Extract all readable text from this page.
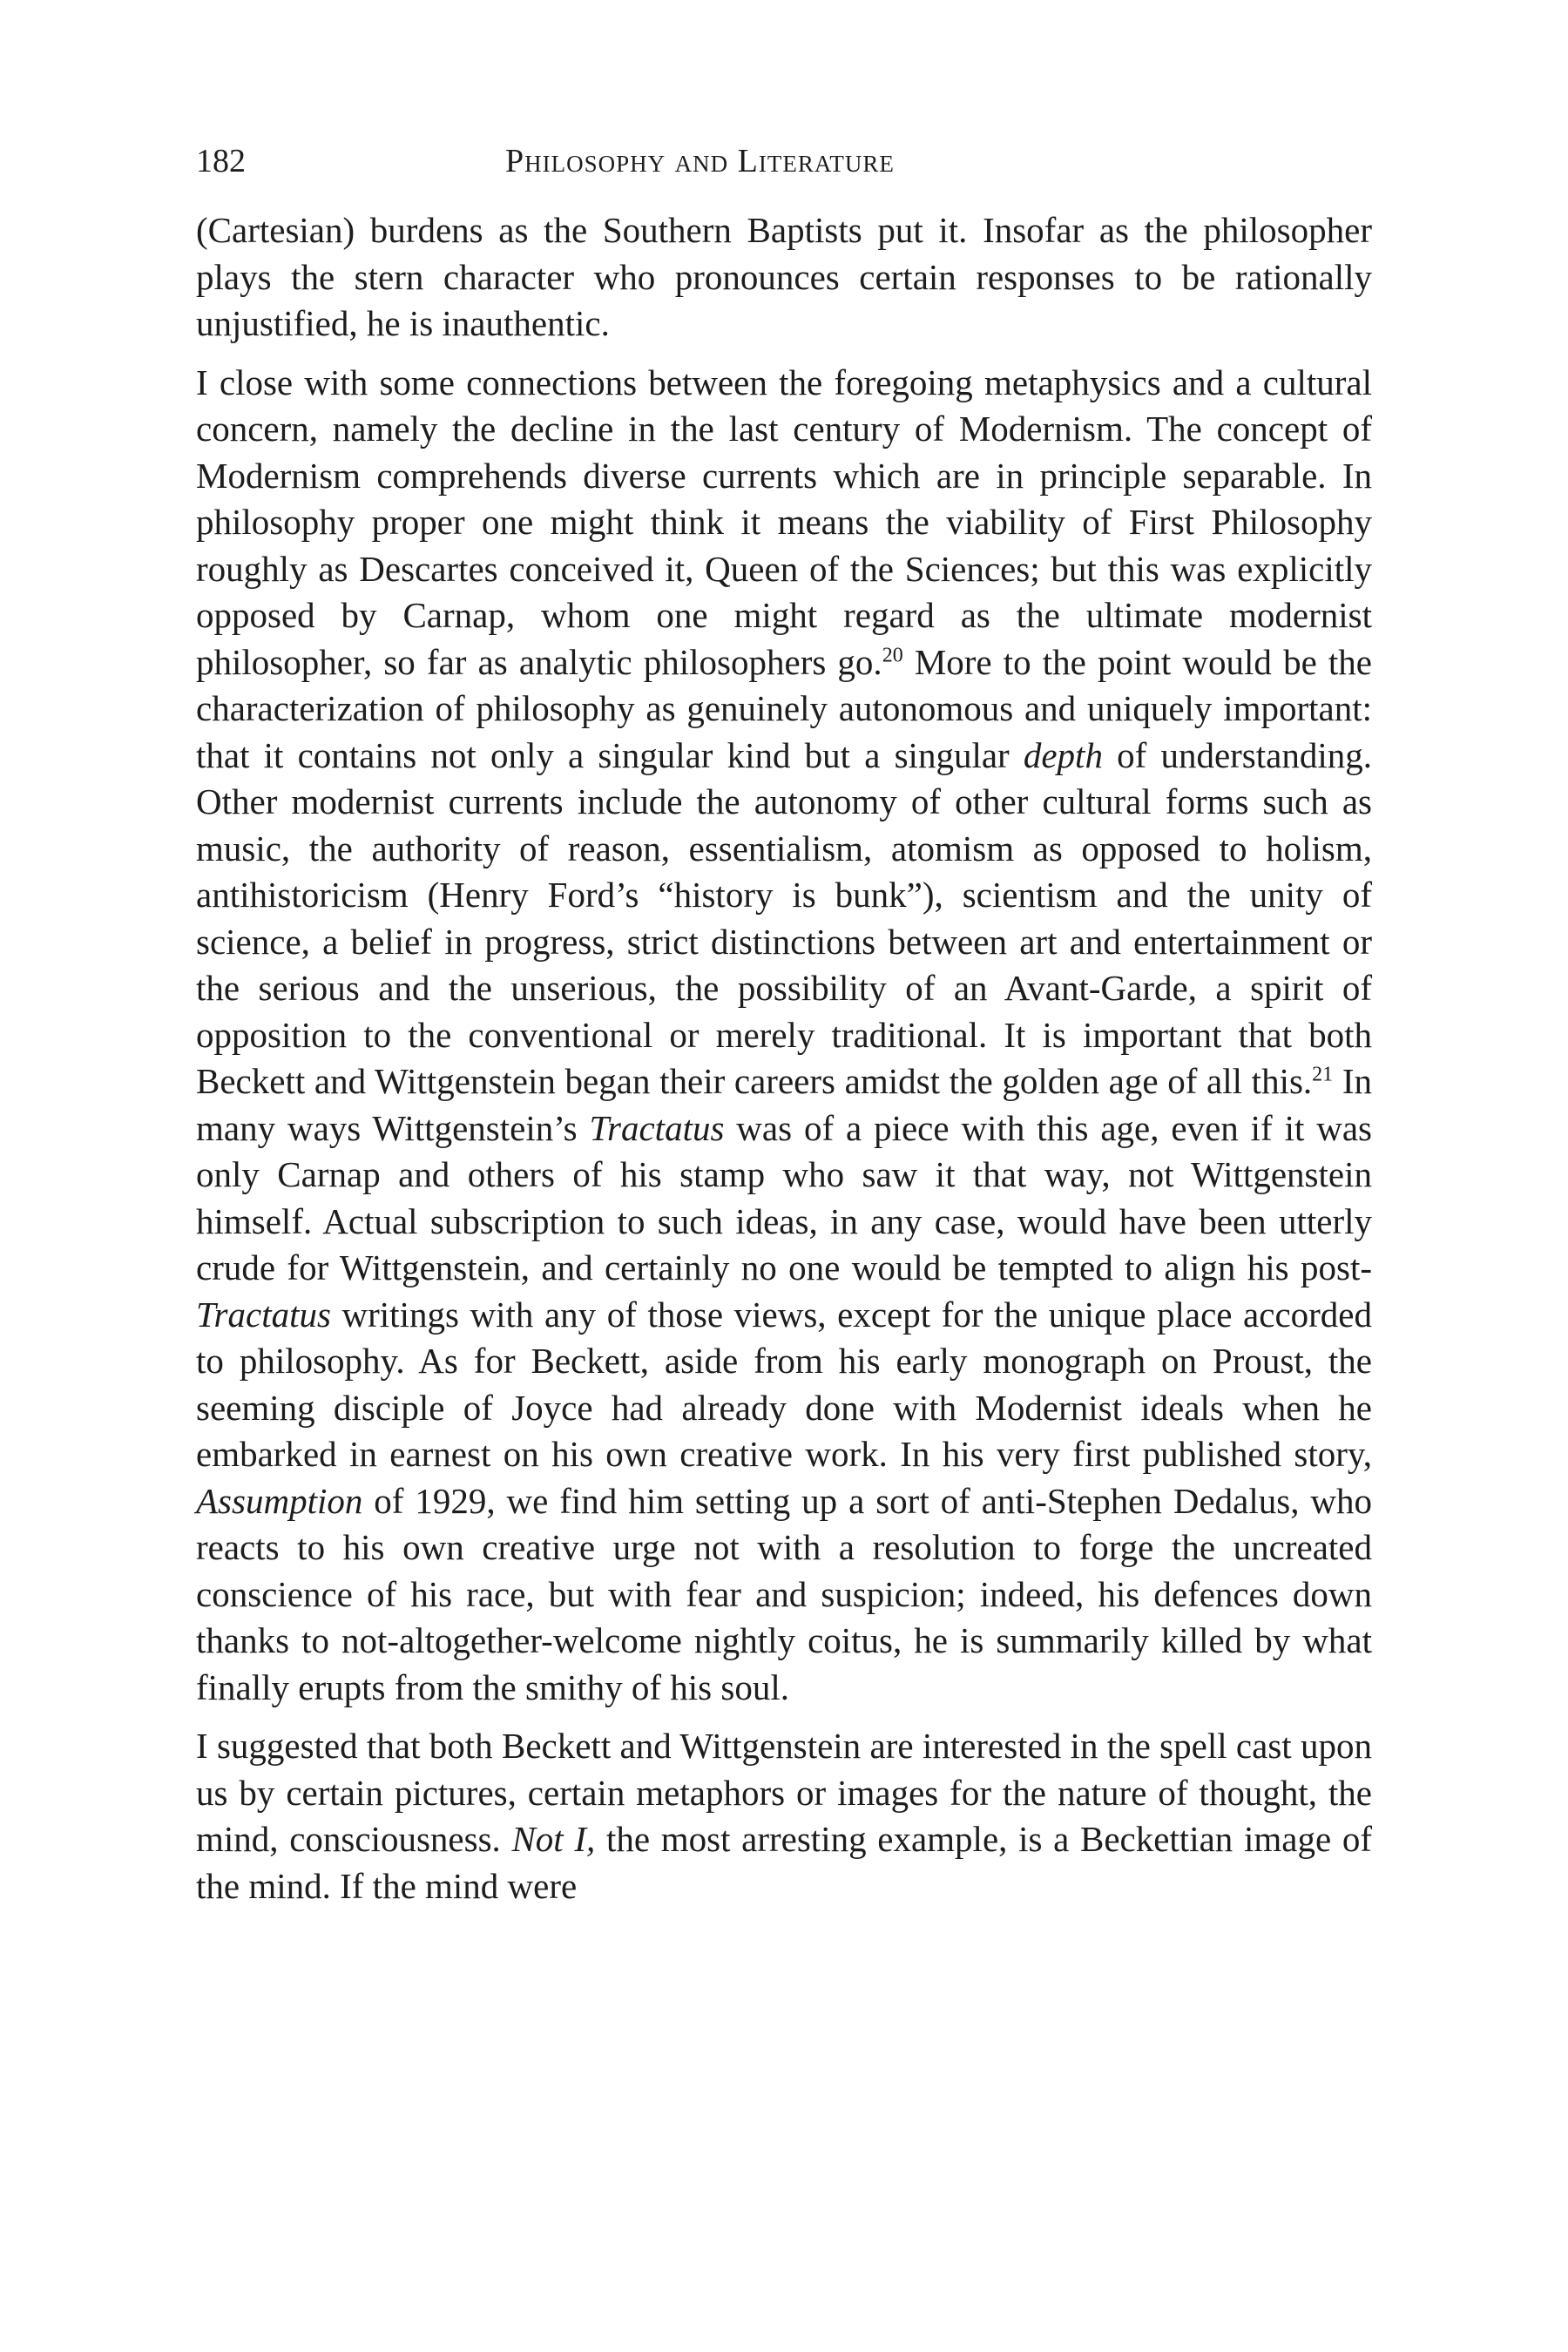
182	Philosophy and Literature

(Cartesian) burdens as the Southern Baptists put it. Insofar as the philosopher plays the stern character who pronounces certain responses to be rationally unjustified, he is inauthentic.

I close with some connections between the foregoing metaphysics and a cultural concern, namely the decline in the last century of Modernism. The concept of Modernism comprehends diverse currents which are in principle separable. In philosophy proper one might think it means the viability of First Philosophy roughly as Descartes conceived it, Queen of the Sciences; but this was explicitly opposed by Carnap, whom one might regard as the ultimate modernist philosopher, so far as analytic philosophers go.$^{20}$ More to the point would be the characterization of philosophy as genuinely autonomous and uniquely important: that it contains not only a singular kind but a singular depth of understanding. Other modernist currents include the autonomy of other cultural forms such as music, the authority of reason, essentialism, atomism as opposed to holism, antihistoricism (Henry Ford’s “history is bunk”), scientism and the unity of science, a belief in progress, strict distinctions between art and entertainment or the serious and the unserious, the possibility of an Avant-Garde, a spirit of opposition to the conventional or merely traditional. It is important that both Beckett and Wittgenstein began their careers amidst the golden age of all this.$^{21}$ In many ways Wittgenstein’s Tractatus was of a piece with this age, even if it was only Carnap and others of his stamp who saw it that way, not Wittgenstein himself. Actual subscription to such ideas, in any case, would have been utterly crude for Wittgenstein, and certainly no one would be tempted to align his post-Tractatus writings with any of those views, except for the unique place accorded to philosophy. As for Beckett, aside from his early monograph on Proust, the seeming disciple of Joyce had already done with Modernist ideals when he embarked in earnest on his own creative work. In his very first published story, Assumption of 1929, we find him setting up a sort of anti-Stephen Dedalus, who reacts to his own creative urge not with a resolution to forge the uncreated conscience of his race, but with fear and suspicion; indeed, his defences down thanks to not-altogether-welcome nightly coitus, he is summarily killed by what finally erupts from the smithy of his soul.

I suggested that both Beckett and Wittgenstein are interested in the spell cast upon us by certain pictures, certain metaphors or images for the nature of thought, the mind, consciousness. Not I, the most arresting example, is a Beckettian image of the mind. If the mind were
